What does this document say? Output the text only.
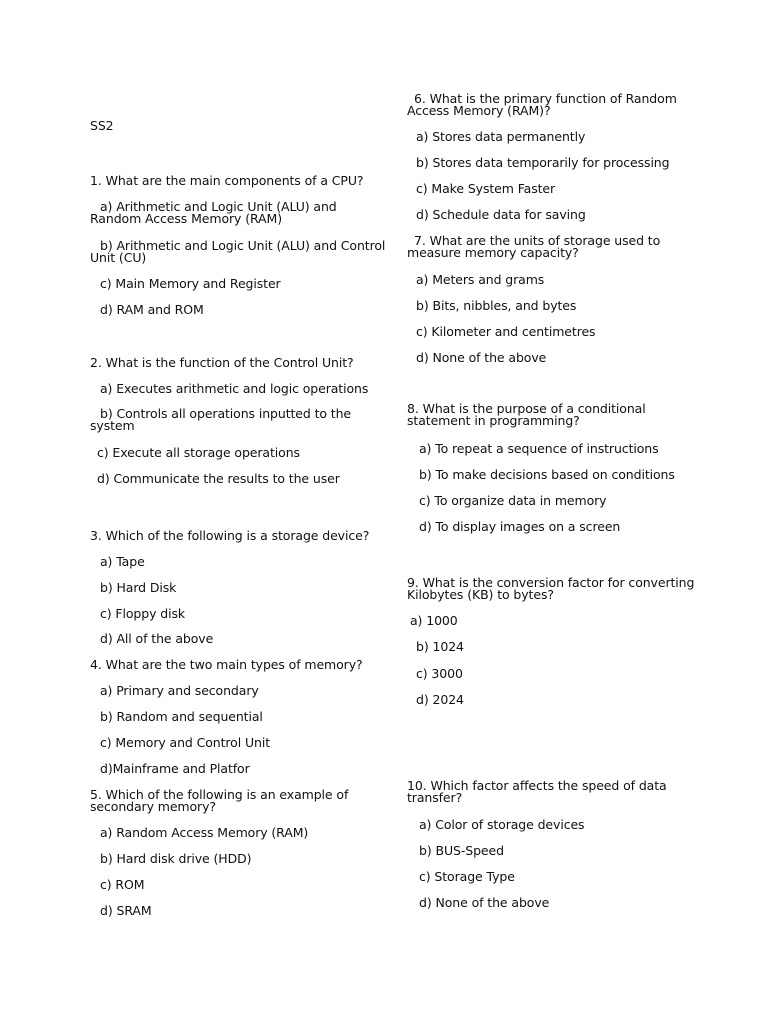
SS2
1. What are the main components of a CPU?
a) Arithmetic and Logic Unit (ALU) and
Random Access Memory (RAM)
b) Arithmetic and Logic Unit (ALU) and Control
Unit (CU)
c) Main Memory and Register
d) RAM and ROM
2. What is the function of the Control Unit?
a) Executes arithmetic and logic operations
b) Controls all operations inputted to the
system
c) Execute all storage operations
d) Communicate the results to the user
3. Which of the following is a storage device?
a) Tape
b) Hard Disk
c) Floppy disk
d) All of the above
4. What are the two main types of memory?
a) Primary and secondary
b) Random and sequential
c) Memory and Control Unit
d)Mainframe and Platfor
5. Which of the following is an example of
secondary memory?
a) Random Access Memory (RAM)
b) Hard disk drive (HDD)
c) ROM
d) SRAM
6. What is the primary function of Random
Access Memory (RAM)?
a) Stores data permanently
b) Stores data temporarily for processing
c) Make System Faster
d) Schedule data for saving
7. What are the units of storage used to
measure memory capacity?
a) Meters and grams
b) Bits, nibbles, and bytes
c) Kilometer and centimetres
d) None of the above
8. What is the purpose of a conditional
statement in programming?
a) To repeat a sequence of instructions
b) To make decisions based on conditions
c) To organize data in memory
d) To display images on a screen
9. What is the conversion factor for converting
Kilobytes (KB) to bytes?
a) 1000
b) 1024
c) 3000
d) 2024
10. Which factor affects the speed of data
transfer?
a) Color of storage devices
b) BUS-Speed
c) Storage Type
d) None of the above
